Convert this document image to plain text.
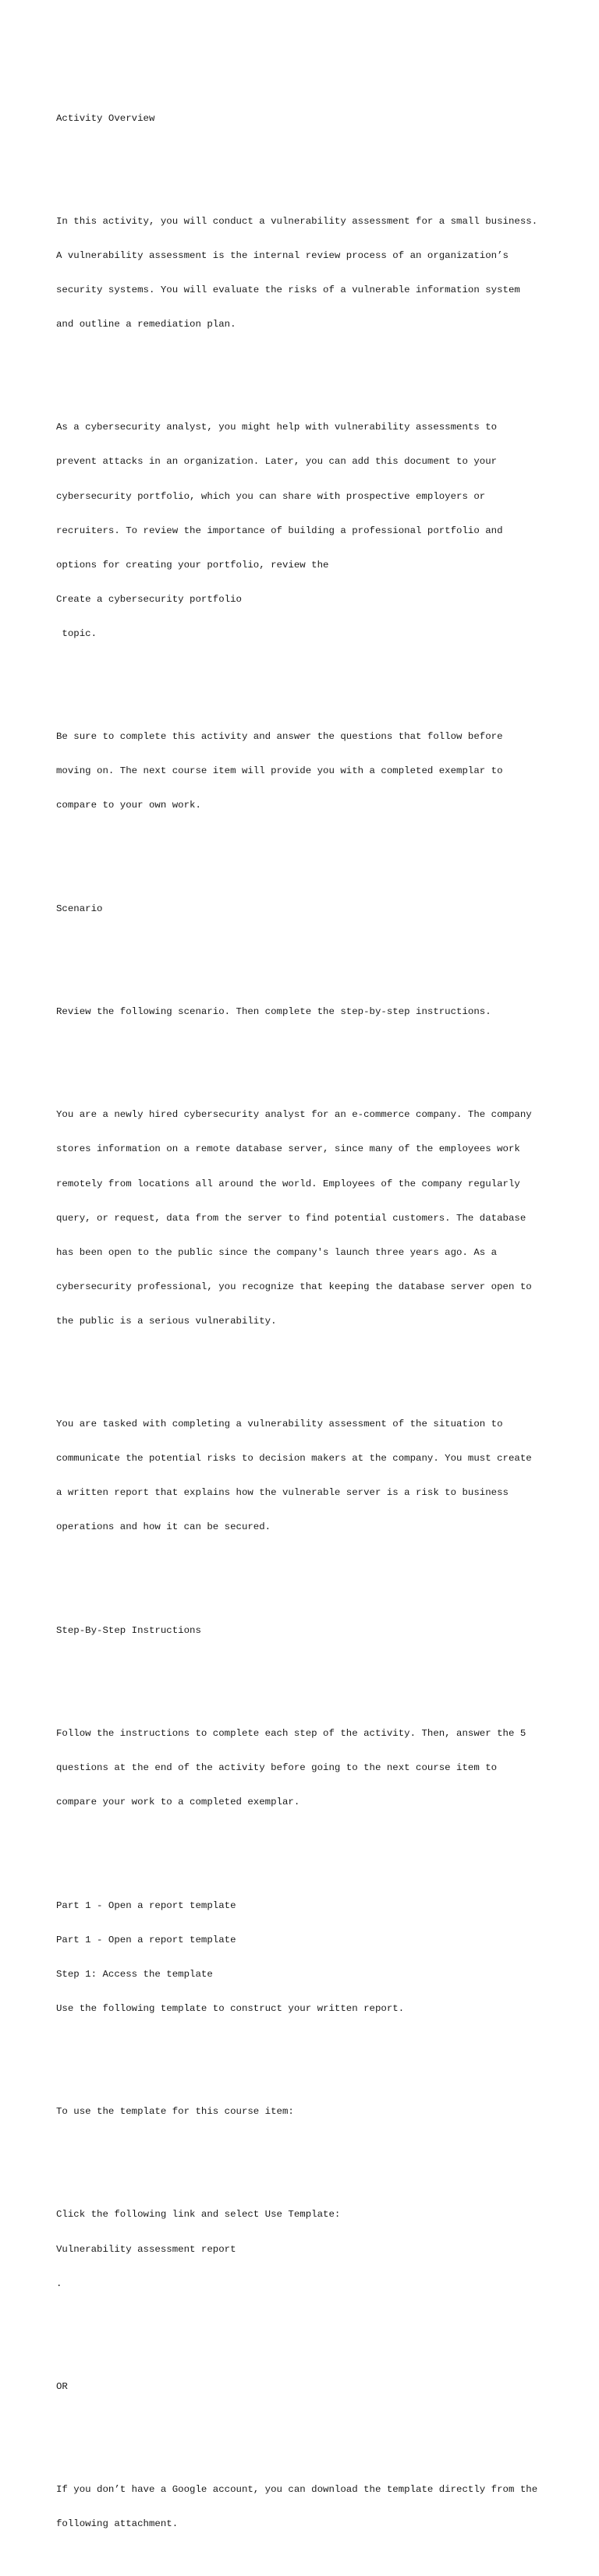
Activity Overview

In this activity, you will conduct a vulnerability assessment for a small business.

A vulnerability assessment is the internal review process of an organization’s

security systems. You will evaluate the risks of a vulnerable information system

and outline a remediation plan.

As a cybersecurity analyst, you might help with vulnerability assessments to

prevent attacks in an organization. Later, you can add this document to your

cybersecurity portfolio, which you can share with prospective employers or

recruiters. To review the importance of building a professional portfolio and

options for creating your portfolio, review the

Create a cybersecurity portfolio

topic.

Be sure to complete this activity and answer the questions that follow before

moving on. The next course item will provide you with a completed exemplar to

compare to your own work.

Scenario

Review the following scenario. Then complete the step-by-step instructions.

You are a newly hired cybersecurity analyst for an e-commerce company. The company

stores information on a remote database server, since many of the employees work

remotely from locations all around the world. Employees of the company regularly

query, or request, data from the server to find potential customers. The database

has been open to the public since the company's launch three years ago. As a

cybersecurity professional, you recognize that keeping the database server open to

the public is a serious vulnerability.

You are tasked with completing a vulnerability assessment of the situation to

communicate the potential risks to decision makers at the company. You must create

a written report that explains how the vulnerable server is a risk to business

operations and how it can be secured.

Step-By-Step Instructions

Follow the instructions to complete each step of the activity. Then, answer the 5

questions at the end of the activity before going to the next course item to

compare your work to a completed exemplar.

Part 1 - Open a report template

Part 1 - Open a report template

Step 1: Access the template

Use the following template to construct your written report.

To use the template for this course item:

Click the following link and select Use Template:

Vulnerability assessment report

.

OR

If you don’t have a Google account, you can download the template directly from the

following attachment.
